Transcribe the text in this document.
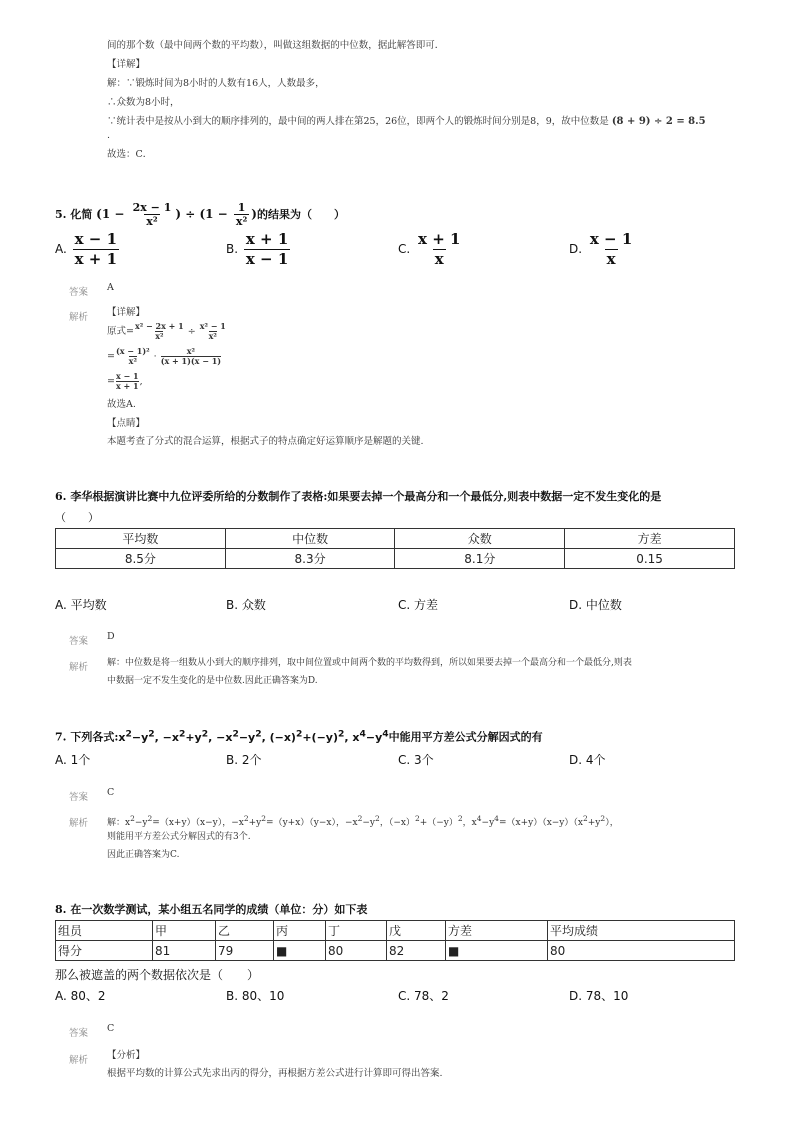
间的那个数（最中间两个数的平均数），叫做这组数据的中位数，据此解答即可．
【详解】
解：∵锻炼时间为8小时的人数有16人，人数最多，
∴众数为8小时，
∵统计表中是按从小到大的顺序排列的，最中间的两人排在第25，26位，即两个人的锻炼时间分别是8，9，故中位数是 (8 + 9) ÷ 2 = 8.5
.
故选：C．
5. 化简 ($1 - \frac{2x - 1}{\text{x²}}$ ) ÷ ($1 - \frac{1}{\text{x²}}$ )的结果为（　　）
A. $\frac{x - 1}{x + 1}$	B. $\frac{x + 1}{x - 1}$	C. $\frac{x + 1}{x}$	D. $\frac{x - 1}{x}$
答案 A
解析 【详解】
原式= $\frac{\text{x² − 2x + 1}}{\text{x²}} \div \frac{\text{x² − 1}}{\text{x²}}$
= $\frac{\text{(x − 1)²}}{\text{x²}} \cdot \frac{\text{x²}}{(x + 1)(x - 1)}$
= $\frac{x - 1}{x + 1}$ ,
故选A.
【点睛】
本题考查了分式的混合运算，根据式子的特点确定好运算顺序是解题的关键.
6. 李华根据演讲比赛中九位评委所给的分数制作了表格:如果要去掉一个最高分和一个最低分,则表中数据一定不发生变化的是
（　　）
平均数	中位数	众数	方差
8.5分	8.3分	8.1分	0.15
A. 平均数	B. 众数	C. 方差	D. 中位数
答案 D
解析 解：中位数是将一组数从小到大的顺序排列，取中间位置或中间两个数的平均数得到，所以如果要去掉一个最高分和一个最低分,则表
中数据一定不发生变化的是中位数.因此正确答案为D.
7. 下列各式$:x^2-y^2$, $-x^2+y^2$, $-x^2-y^2$, $(-x)^2+(-y)^2$, $x^4-y^4$中能用平方差公式分解因式的有
A. 1个	B. 2个	C. 3个	D. 4个
答案 C
解析 解：$x^2-y^2=(x+y)(x-y)$，$-x^2+y^2=(y+x)(y-x)$，$-x^2-y^2$，$(-x)^2+(-y)^2$，$x^4-y^4=(x+y)(x-y)(x^2+y^2)$，
则能用平方差公式分解因式的有3个.
因此正确答案为C.
8. 在一次数学测试，某小组五名同学的成绩（单位：分）如下表
组员	甲	乙	丙	丁	戊	方差	平均成绩
得分	81	79	■	80	82	■	80
那么被遮盖的两个数据依次是（　　）
A. 80、2	B. 80、10	C. 78、2	D. 78、10
答案 C
解析 【分析】
根据平均数的计算公式先求出丙的得分，再根据方差公式进行计算即可得出答案.
